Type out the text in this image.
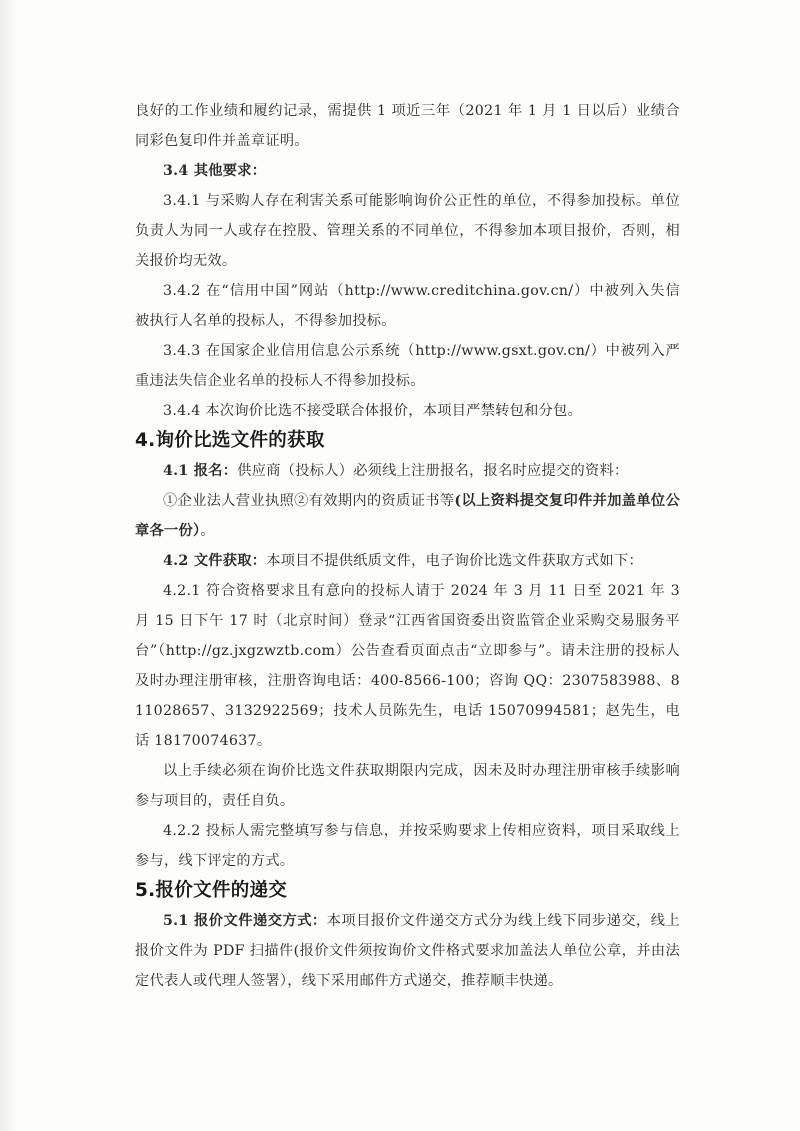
良好的工作业绩和履约记录，需提供 1 项近三年（2021 年 1 月 1 日以后）业绩合同彩色复印件并盖章证明。

3.4 其他要求：

3.4.1 与采购人存在利害关系可能影响询价公正性的单位，不得参加投标。单位负责人为同一人或存在控股、管理关系的不同单位，不得参加本项目报价，否则，相关报价均无效。

3.4.2 在“信用中国”网站（http://www.creditchina.gov.cn/）中被列入失信被执行人名单的投标人，不得参加投标。

3.4.3 在国家企业信用信息公示系统（http://www.gsxt.gov.cn/）中被列入严重违法失信企业名单的投标人不得参加投标。

3.4.4 本次询价比选不接受联合体报价，本项目严禁转包和分包。

4.询价比选文件的获取

4.1 报名：供应商（投标人）必须线上注册报名，报名时应提交的资料：

①企业法人营业执照②有效期内的资质证书等(以上资料提交复印件并加盖单位公章各一份）。

4.2 文件获取：本项目不提供纸质文件，电子询价比选文件获取方式如下：

4.2.1 符合资格要求且有意向的投标人请于 2024 年 3 月 11 日至 2021 年 3 月 15 日下午 17 时（北京时间）登录“江西省国资委出资监管企业采购交易服务平台”（http://gz.jxgzwztb.com）公告查看页面点击“立即参与”。请未注册的投标人及时办理注册审核，注册咨询电话：400-8566-100；咨询 QQ：2307583988、811028657、3132922569；技术人员陈先生，电话 15070994581；赵先生，电话 18170074637。

以上手续必须在询价比选文件获取期限内完成，因未及时办理注册审核手续影响参与项目的，责任自负。

4.2.2 投标人需完整填写参与信息，并按采购要求上传相应资料，项目采取线上参与，线下评定的方式。

5.报价文件的递交

5.1 报价文件递交方式：本项目报价文件递交方式分为线上线下同步递交，线上报价文件为 PDF 扫描件(报价文件须按询价文件格式要求加盖法人单位公章，并由法定代表人或代理人签署），线下采用邮件方式递交，推荐顺丰快递。
